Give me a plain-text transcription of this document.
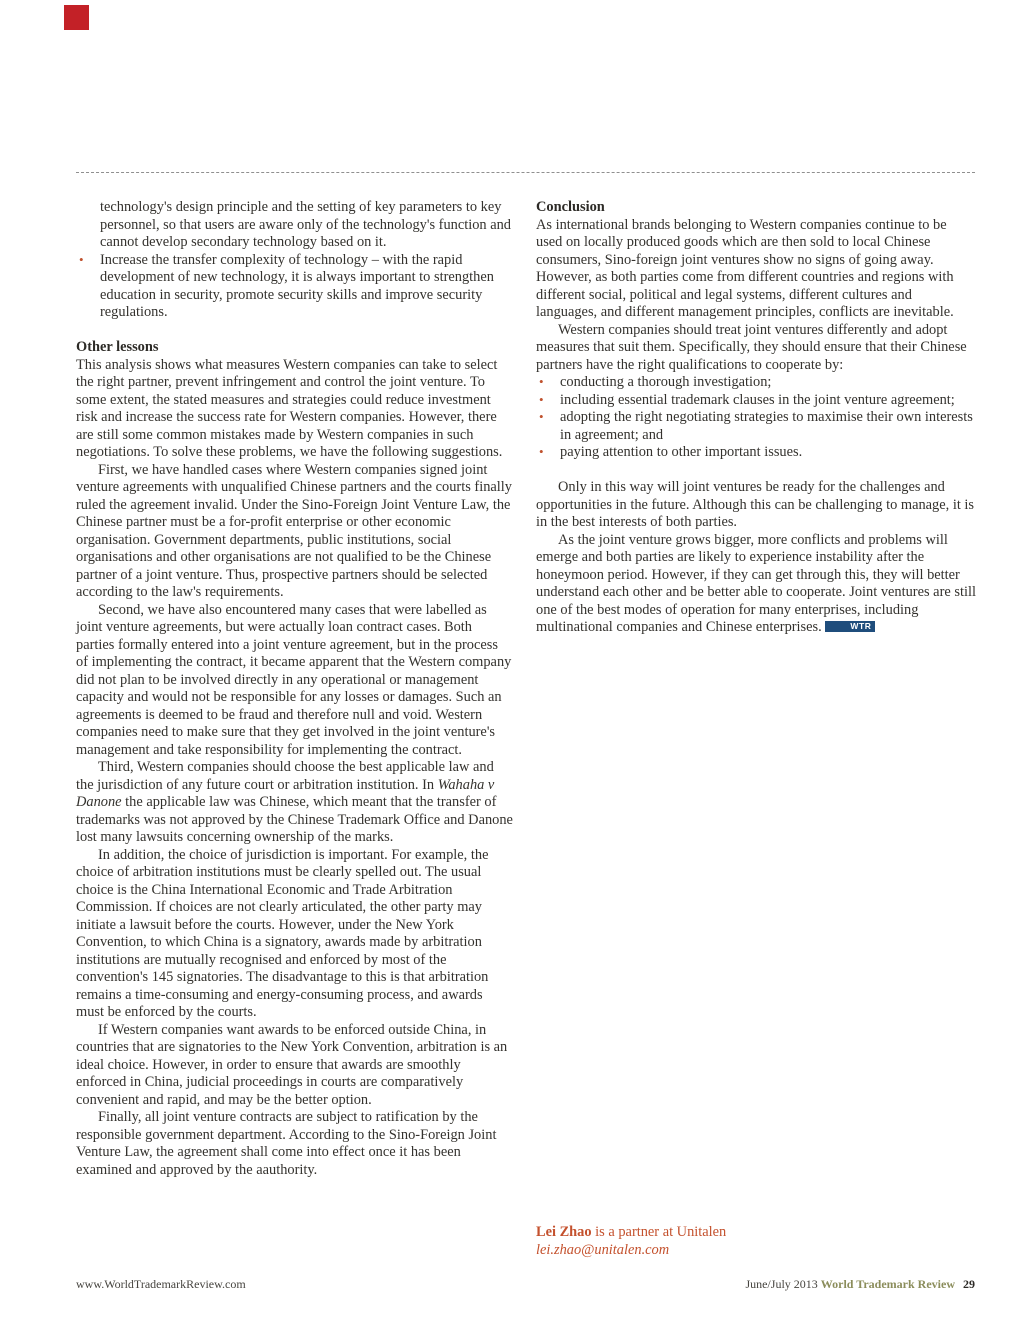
technology's design principle and the setting of key parameters to key personnel, so that users are aware only of the technology's function and cannot develop secondary technology based on it.

• Increase the transfer complexity of technology – with the rapid development of new technology, it is always important to strengthen education in security, promote security skills and improve security regulations.

Other lessons

This analysis shows what measures Western companies can take to select the right partner, prevent infringement and control the joint venture. To some extent, the stated measures and strategies could reduce investment risk and increase the success rate for Western companies. However, there are still some common mistakes made by Western companies in such negotiations. To solve these problems, we have the following suggestions.

First, we have handled cases where Western companies signed joint venture agreements with unqualified Chinese partners and the courts finally ruled the agreement invalid. Under the Sino-Foreign Joint Venture Law, the Chinese partner must be a for-profit enterprise or other economic organisation. Government departments, public institutions, social organisations and other organisations are not qualified to be the Chinese partner of a joint venture. Thus, prospective partners should be selected according to the law's requirements.

Second, we have also encountered many cases that were labelled as joint venture agreements, but were actually loan contract cases. Both parties formally entered into a joint venture agreement, but in the process of implementing the contract, it became apparent that the Western company did not plan to be involved directly in any operational or management capacity and would not be responsible for any losses or damages. Such an agreements is deemed to be fraud and therefore null and void. Western companies need to make sure that they get involved in the joint venture's management and take responsibility for implementing the contract.

Third, Western companies should choose the best applicable law and the jurisdiction of any future court or arbitration institution. In Wahaha v Danone the applicable law was Chinese, which meant that the transfer of trademarks was not approved by the Chinese Trademark Office and Danone lost many lawsuits concerning ownership of the marks.

In addition, the choice of jurisdiction is important. For example, the choice of arbitration institutions must be clearly spelled out. The usual choice is the China International Economic and Trade Arbitration Commission. If choices are not clearly articulated, the other party may initiate a lawsuit before the courts. However, under the New York Convention, to which China is a signatory, awards made by arbitration institutions are mutually recognised and enforced by most of the convention's 145 signatories. The disadvantage to this is that arbitration remains a time-consuming and energy-consuming process, and awards must be enforced by the courts.

If Western companies want awards to be enforced outside China, in countries that are signatories to the New York Convention, arbitration is an ideal choice. However, in order to ensure that awards are smoothly enforced in China, judicial proceedings in courts are comparatively convenient and rapid, and may be the better option.

Finally, all joint venture contracts are subject to ratification by the responsible government department. According to the Sino-Foreign Joint Venture Law, the agreement shall come into effect once it has been examined and approved by the aauthority.

Conclusion

As international brands belonging to Western companies continue to be used on locally produced goods which are then sold to local Chinese consumers, Sino-foreign joint ventures show no signs of going away. However, as both parties come from different countries and regions with different social, political and legal systems, different cultures and languages, and different management principles, conflicts are inevitable.

Western companies should treat joint ventures differently and adopt measures that suit them. Specifically, they should ensure that their Chinese partners have the right qualifications to cooperate by:

• conducting a thorough investigation;

• including essential trademark clauses in the joint venture agreement;

• adopting the right negotiating strategies to maximise their own interests in agreement; and

• paying attention to other important issues.

Only in this way will joint ventures be ready for the challenges and opportunities in the future. Although this can be challenging to manage, it is in the best interests of both parties.

As the joint venture grows bigger, more conflicts and problems will emerge and both parties are likely to experience instability after the honeymoon period. However, if they can get through this, they will better understand each other and be better able to cooperate. Joint ventures are still one of the best modes of operation for many enterprises, including multinational companies and Chinese enterprises.	WTR

Lei Zhao is a partner at Unitalen
lei.zhao@unitalen.com
www.WorldTrademarkReview.com	June/July 2013 World Trademark Review 29
